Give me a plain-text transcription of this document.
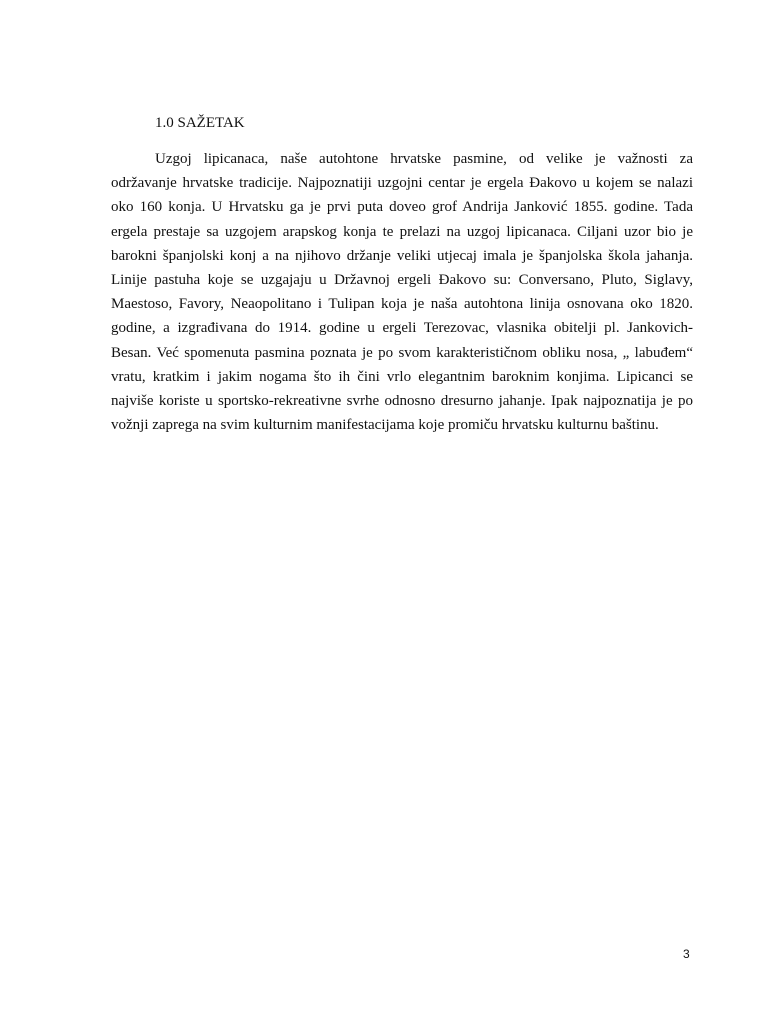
1.0 SAŽETAK
Uzgoj lipicanaca, naše autohtone hrvatske pasmine, od velike je važnosti za
održavanje hrvatske tradicije. Najpoznatiji uzgojni centar je ergela Đakovo u kojem se nalazi
oko 160 konja. U Hrvatsku ga je prvi puta doveo grof Andrija Janković 1855. godine. Tada
ergela prestaje sa uzgojem arapskog konja te prelazi na uzgoj lipicanaca. Ciljani uzor bio je
barokni španjolski konj a na njihovo držanje veliki utjecaj imala je španjolska škola jahanja.
Linije pastuha koje se uzgajaju u Državnoj ergeli Đakovo su: Conversano, Pluto, Siglavy,
Maestoso, Favory, Neaopolitano i Tulipan koja je naša autohtona linija osnovana oko 1820.
godine, a izgrađivana do 1914. godine u ergeli Terezovac, vlasnika obitelji pl. Jankovich-
Besan. Već spomenuta pasmina poznata je po svom karakterističnom obliku nosa, „ labuđem“
vratu, kratkim i jakim nogama što ih čini vrlo elegantnim baroknim konjima. Lipicanci se
najviše koriste u sportsko-rekreativne svrhe odnosno dresurno jahanje. Ipak najpoznatija je po
vožnji zaprega na svim kulturnim manifestacijama koje promiču hrvatsku kulturnu baštinu.
3
